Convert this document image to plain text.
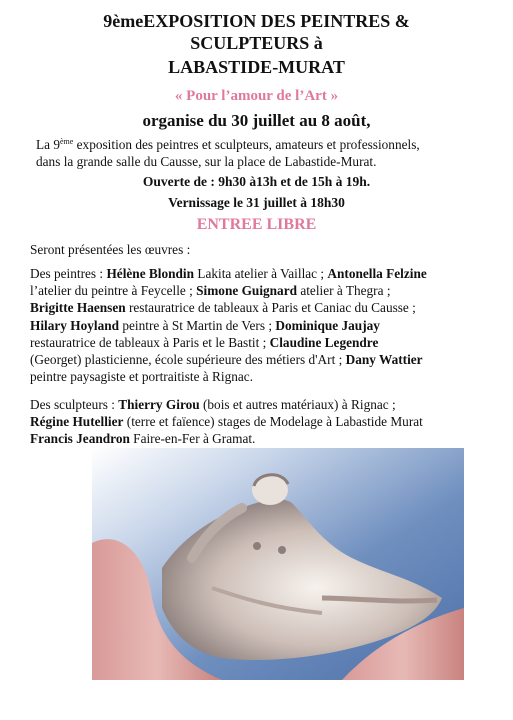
9èmeEXPOSITION DES PEINTRES &
SCULPTEURS à
LABASTIDE-MURAT
« Pour l’amour de l’Art »
organise du 30 juillet au 8 août,
La 9ème exposition des peintres et sculpteurs, amateurs et professionnels,
dans la grande salle du Causse, sur la place de Labastide-Murat.
Ouverte de : 9h30 à13h et de 15h à 19h.
Vernissage le 31 juillet à 18h30
ENTREE LIBRE
Seront présentées les œuvres :
Des peintres : Hélène Blondin Lakita atelier à Vaillac ; Antonella Felzine
l’atelier du peintre à Feycelle ; Simone Guignard atelier à Thegra ;
Brigitte Haensen restauratrice de tableaux à Paris et Caniac du Causse ;
Hilary Hoyland peintre à St Martin de Vers ; Dominique Jaujay
restauratrice de tableaux à Paris et le Bastit ; Claudine Legendre
(Georget) plasticienne, école supérieure des métiers d'Art ; Dany Wattier
peintre paysagiste et portraitiste à Rignac.
Des sculpteurs : Thierry Girou (bois et autres matériaux) à Rignac ;
Régine Hutellier (terre et faïence) stages de Modelage à Labastide Murat
Francis Jeandron Faire-en-Fer à Gramat.
